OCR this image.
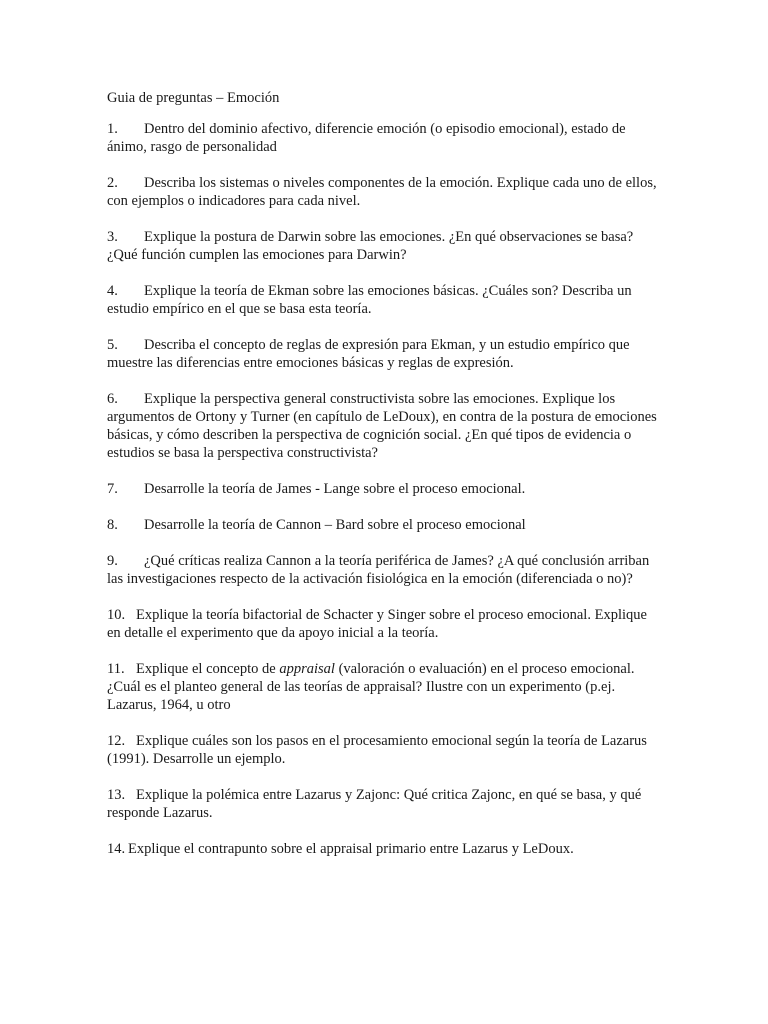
Guia de preguntas – Emoción

1. Dentro del dominio afectivo, diferencie emoción (o episodio emocional), estado de ánimo, rasgo de personalidad

2. Describa los sistemas o niveles componentes de la emoción. Explique cada uno de ellos, con ejemplos o indicadores para cada nivel.

3. Explique la postura de Darwin sobre las emociones. ¿En qué observaciones se basa? ¿Qué función cumplen las emociones para Darwin?

4. Explique la teoría de Ekman sobre las emociones básicas. ¿Cuáles son? Describa un estudio empírico en el que se basa esta teoría.

5. Describa el concepto de reglas de expresión para Ekman, y un estudio empírico que muestre las diferencias entre emociones básicas y reglas de expresión.

6. Explique la perspectiva general constructivista sobre las emociones. Explique los argumentos de Ortony y Turner (en capítulo de LeDoux), en contra de la postura de emociones básicas, y cómo describen la perspectiva de cognición social. ¿En qué tipos de evidencia o estudios se basa la perspectiva constructivista?

7. Desarrolle la teoría de James - Lange sobre el proceso emocional.

8. Desarrolle la teoría de Cannon – Bard sobre el proceso emocional

9. ¿Qué críticas realiza Cannon a la teoría periférica de James? ¿A qué conclusión arriban las investigaciones respecto de la activación fisiológica en la emoción (diferenciada o no)?

10. Explique la teoría bifactorial de Schacter y Singer sobre el proceso emocional. Explique en detalle el experimento que da apoyo inicial a la teoría.

11. Explique el concepto de appraisal (valoración o evaluación) en el proceso emocional. ¿Cuál es el planteo general de las teorías de appraisal? Ilustre con un experimento (p.ej. Lazarus, 1964, u otro

12. Explique cuáles son los pasos en el procesamiento emocional según la teoría de Lazarus (1991). Desarrolle un ejemplo.

13. Explique la polémica entre Lazarus y Zajonc: Qué critica Zajonc, en qué se basa, y qué responde Lazarus.

14. Explique el contrapunto sobre el appraisal primario entre Lazarus y LeDoux.
